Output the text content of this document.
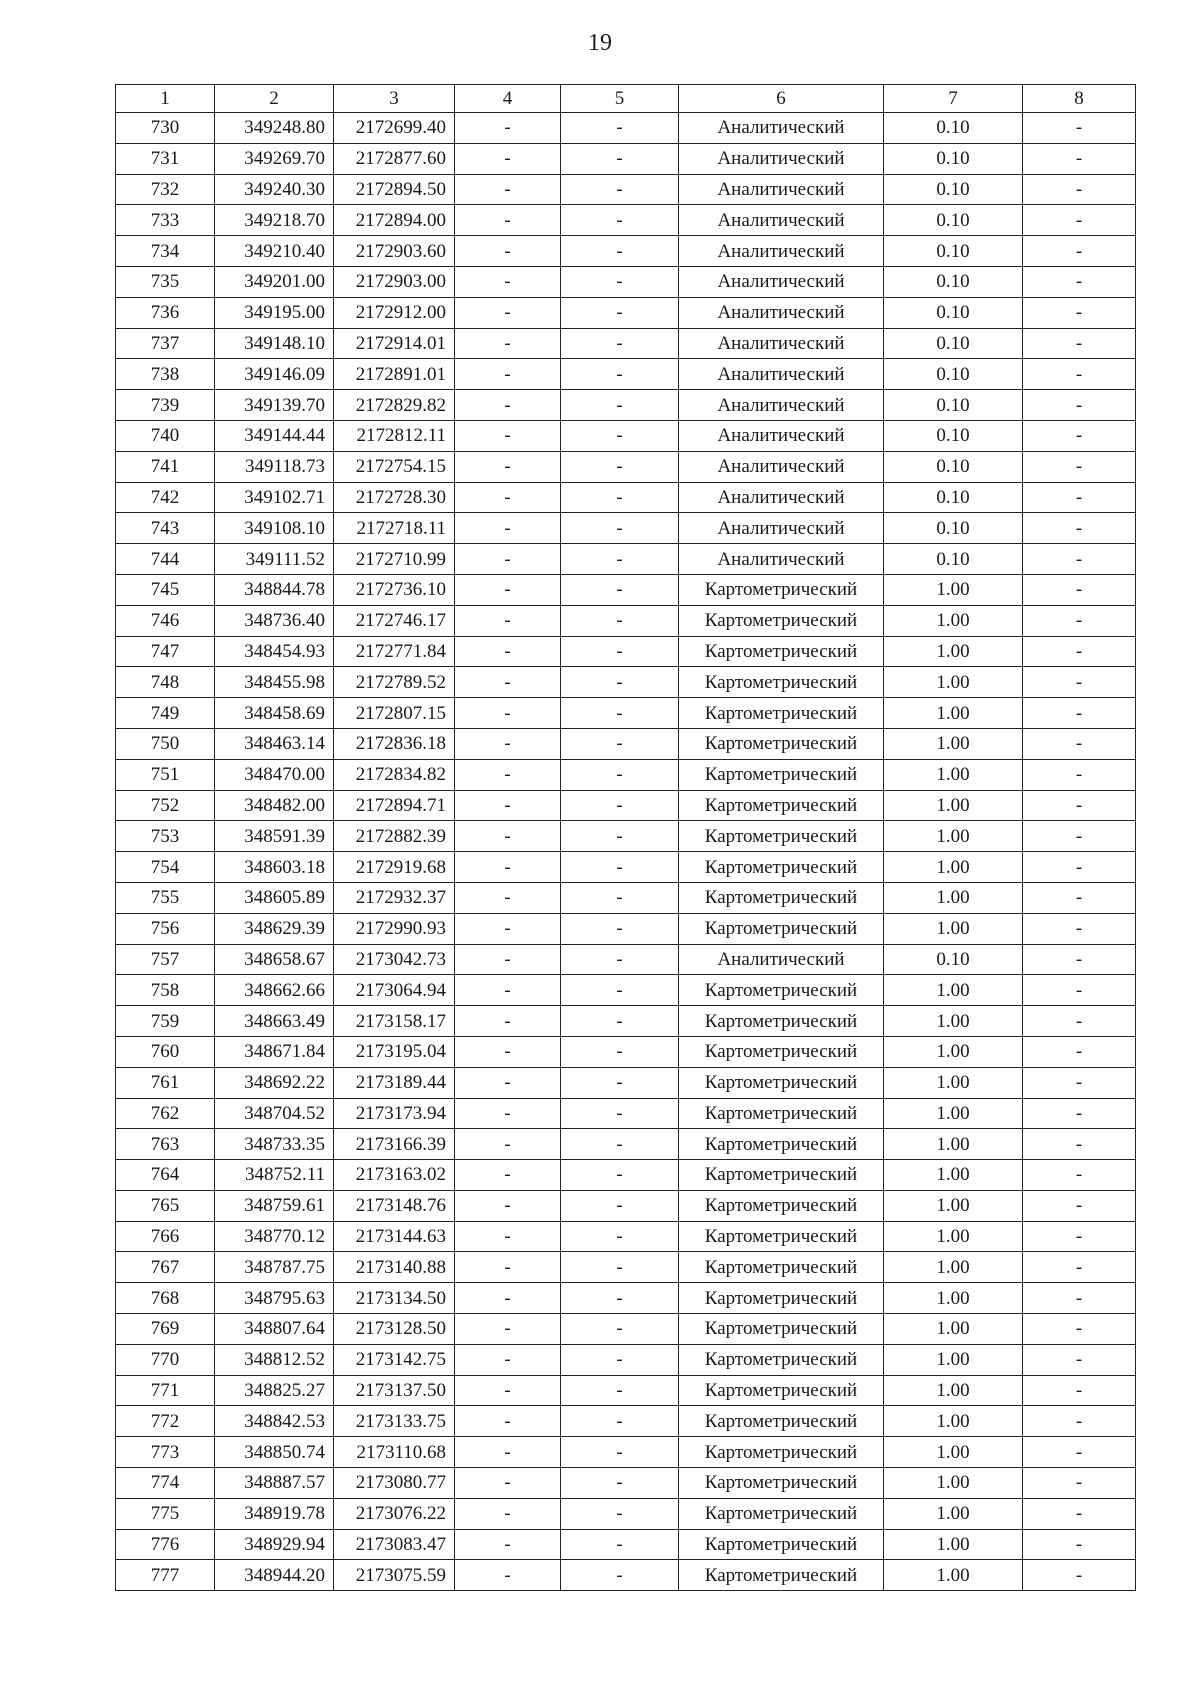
19
1	2	3	4	5	6	7	8
730	349248.80	2172699.40	-	-	Аналитический	0.10	-
731	349269.70	2172877.60	-	-	Аналитический	0.10	-
732	349240.30	2172894.50	-	-	Аналитический	0.10	-
733	349218.70	2172894.00	-	-	Аналитический	0.10	-
734	349210.40	2172903.60	-	-	Аналитический	0.10	-
735	349201.00	2172903.00	-	-	Аналитический	0.10	-
736	349195.00	2172912.00	-	-	Аналитический	0.10	-
737	349148.10	2172914.01	-	-	Аналитический	0.10	-
738	349146.09	2172891.01	-	-	Аналитический	0.10	-
739	349139.70	2172829.82	-	-	Аналитический	0.10	-
740	349144.44	2172812.11	-	-	Аналитический	0.10	-
741	349118.73	2172754.15	-	-	Аналитический	0.10	-
742	349102.71	2172728.30	-	-	Аналитический	0.10	-
743	349108.10	2172718.11	-	-	Аналитический	0.10	-
744	349111.52	2172710.99	-	-	Аналитический	0.10	-
745	348844.78	2172736.10	-	-	Картометрический	1.00	-
746	348736.40	2172746.17	-	-	Картометрический	1.00	-
747	348454.93	2172771.84	-	-	Картометрический	1.00	-
748	348455.98	2172789.52	-	-	Картометрический	1.00	-
749	348458.69	2172807.15	-	-	Картометрический	1.00	-
750	348463.14	2172836.18	-	-	Картометрический	1.00	-
751	348470.00	2172834.82	-	-	Картометрический	1.00	-
752	348482.00	2172894.71	-	-	Картометрический	1.00	-
753	348591.39	2172882.39	-	-	Картометрический	1.00	-
754	348603.18	2172919.68	-	-	Картометрический	1.00	-
755	348605.89	2172932.37	-	-	Картометрический	1.00	-
756	348629.39	2172990.93	-	-	Картометрический	1.00	-
757	348658.67	2173042.73	-	-	Аналитический	0.10	-
758	348662.66	2173064.94	-	-	Картометрический	1.00	-
759	348663.49	2173158.17	-	-	Картометрический	1.00	-
760	348671.84	2173195.04	-	-	Картометрический	1.00	-
761	348692.22	2173189.44	-	-	Картометрический	1.00	-
762	348704.52	2173173.94	-	-	Картометрический	1.00	-
763	348733.35	2173166.39	-	-	Картометрический	1.00	-
764	348752.11	2173163.02	-	-	Картометрический	1.00	-
765	348759.61	2173148.76	-	-	Картометрический	1.00	-
766	348770.12	2173144.63	-	-	Картометрический	1.00	-
767	348787.75	2173140.88	-	-	Картометрический	1.00	-
768	348795.63	2173134.50	-	-	Картометрический	1.00	-
769	348807.64	2173128.50	-	-	Картометрический	1.00	-
770	348812.52	2173142.75	-	-	Картометрический	1.00	-
771	348825.27	2173137.50	-	-	Картометрический	1.00	-
772	348842.53	2173133.75	-	-	Картометрический	1.00	-
773	348850.74	2173110.68	-	-	Картометрический	1.00	-
774	348887.57	2173080.77	-	-	Картометрический	1.00	-
775	348919.78	2173076.22	-	-	Картометрический	1.00	-
776	348929.94	2173083.47	-	-	Картометрический	1.00	-
777	348944.20	2173075.59	-	-	Картометрический	1.00	-
